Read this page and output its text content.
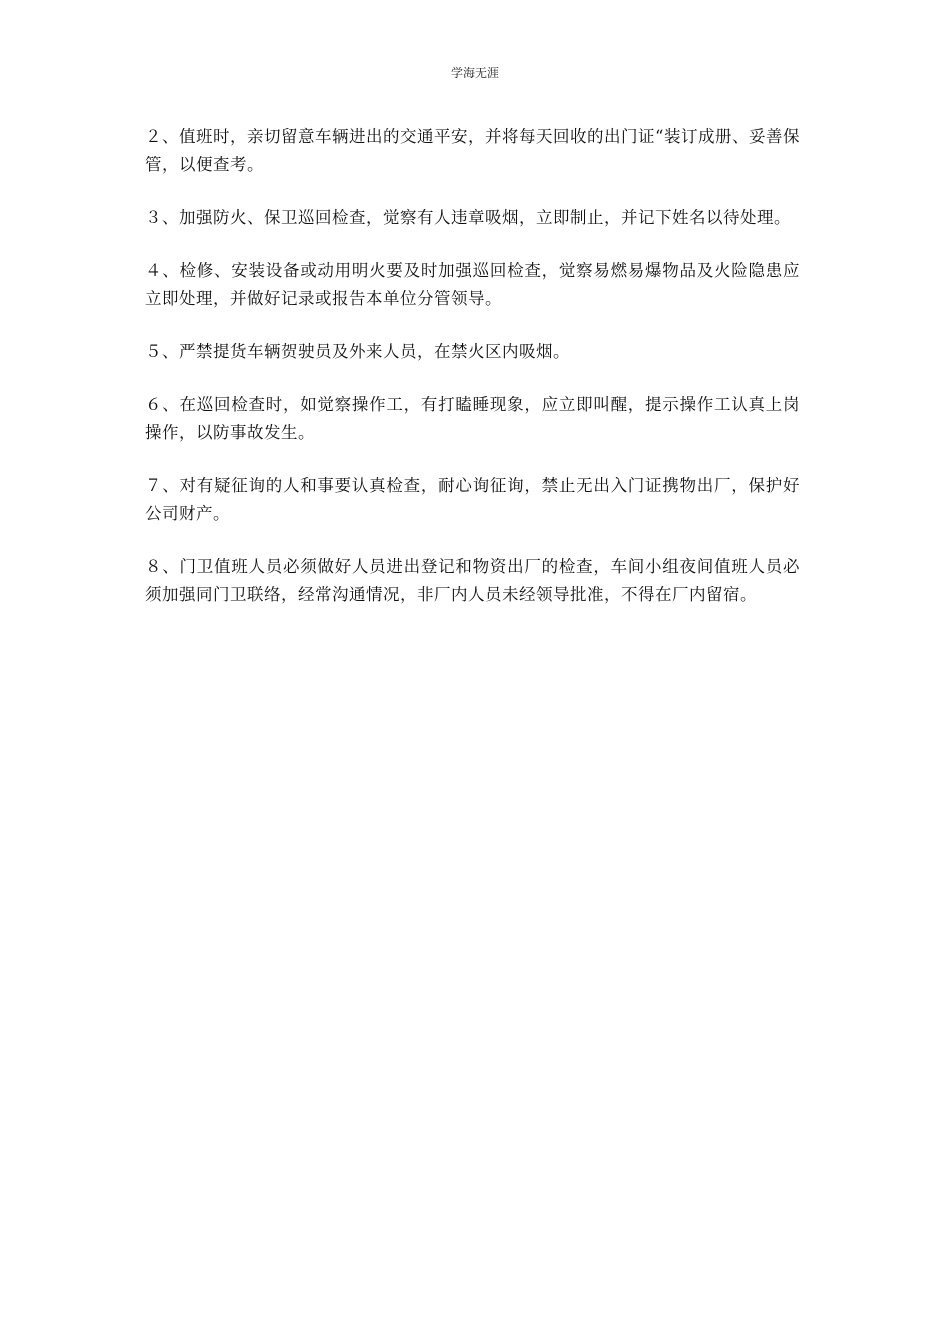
学海无涯

２、值班时，亲切留意车辆进出的交通平安，并将每天回收的出门证“装订成册、妥善保管，以便查考。

３、加强防火、保卫巡回检查，觉察有人违章吸烟，立即制止，并记下姓名以待处理。

４、检修、安装设备或动用明火要及时加强巡回检查，觉察易燃易爆物品及火险隐患应立即处理，并做好记录或报告本单位分管领导。

５、严禁提货车辆贺驶员及外来人员，在禁火区内吸烟。

６、在巡回检查时，如觉察操作工，有打瞌睡现象，应立即叫醒，提示操作工认真上岗操作，以防事故发生。

７、对有疑征询的人和事要认真检查，耐心询征询，禁止无出入门证携物出厂，保护好公司财产。

８、门卫值班人员必须做好人员进出登记和物资出厂的检查，车间小组夜间值班人员必须加强同门卫联络，经常沟通情况，非厂内人员未经领导批准，不得在厂内留宿。
